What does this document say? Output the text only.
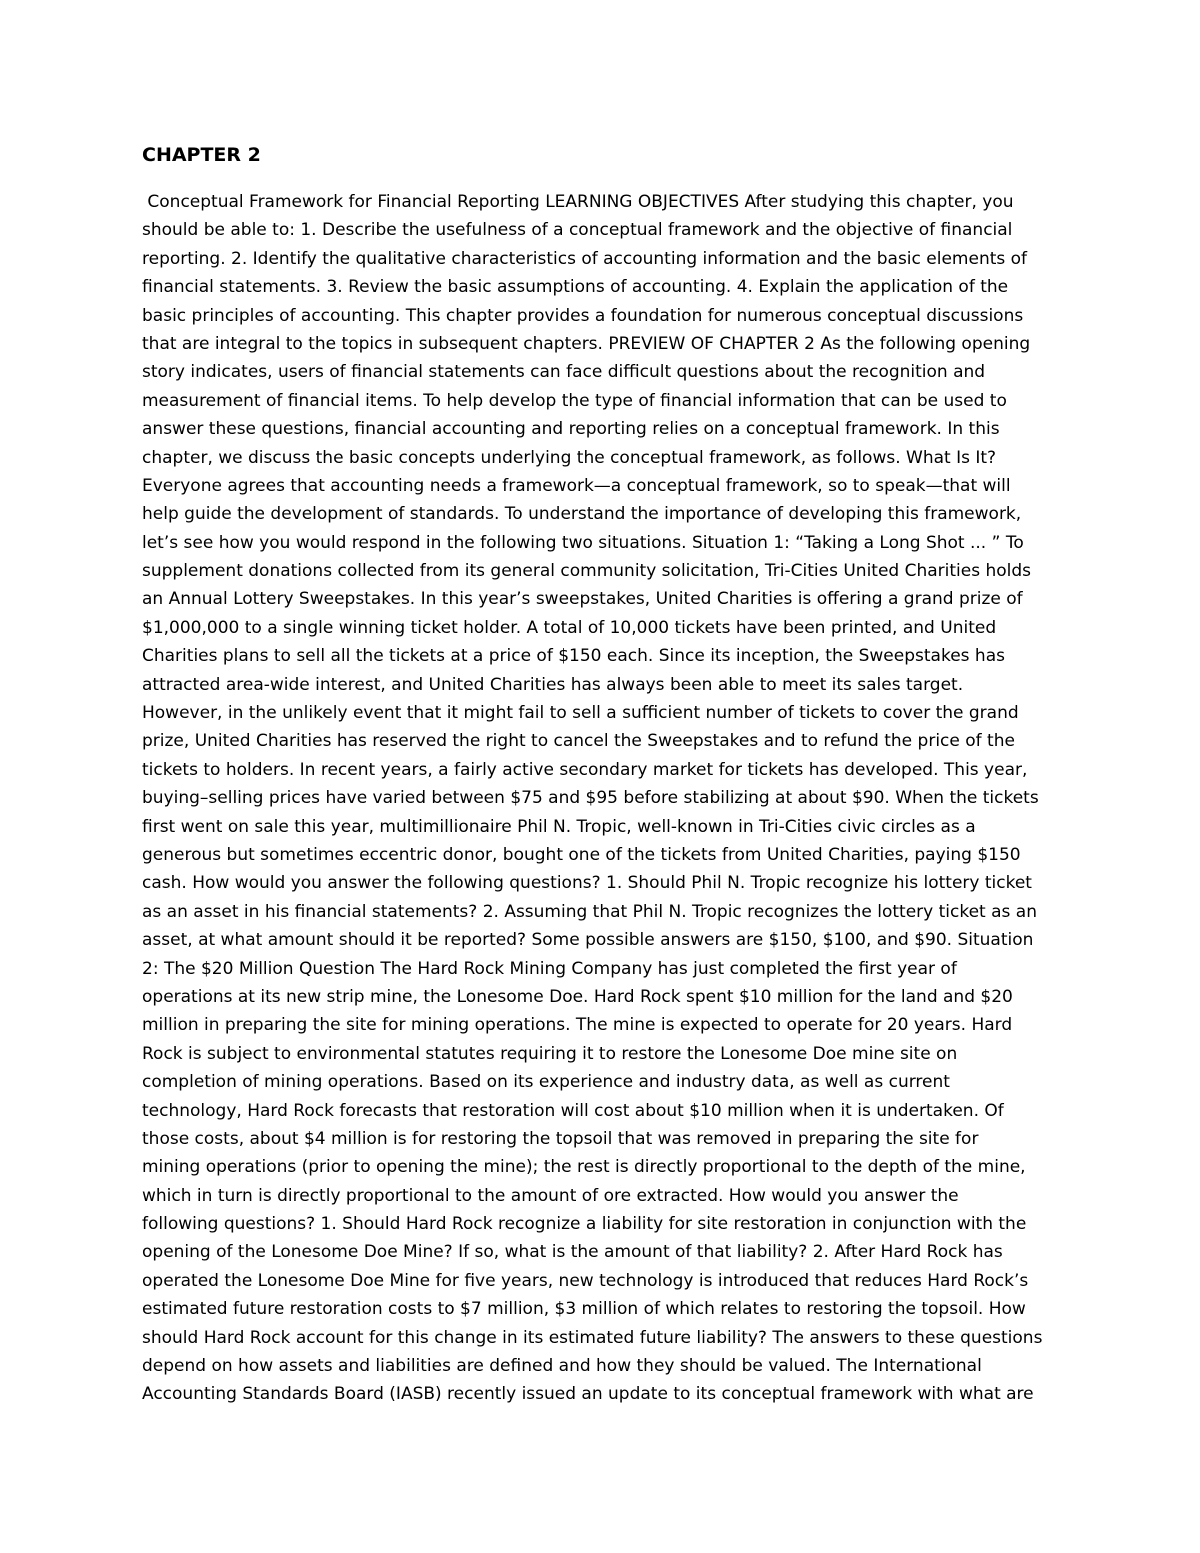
CHAPTER 2
Conceptual Framework for Financial Reporting LEARNING OBJECTIVES After studying this chapter, you
should be able to: 1. Describe the usefulness of a conceptual framework and the objective of financial
reporting. 2. Identify the qualitative characteristics of accounting information and the basic elements of
financial statements. 3. Review the basic assumptions of accounting. 4. Explain the application of the
basic principles of accounting. This chapter provides a foundation for numerous conceptual discussions
that are integral to the topics in subsequent chapters. PREVIEW OF CHAPTER 2 As the following opening
story indicates, users of financial statements can face difficult questions about the recognition and
measurement of financial items. To help develop the type of financial information that can be used to
answer these questions, financial accounting and reporting relies on a conceptual framework. In this
chapter, we discuss the basic concepts underlying the conceptual framework, as follows. What Is It?
Everyone agrees that accounting needs a framework—a conceptual framework, so to speak—that will
help guide the development of standards. To understand the importance of developing this framework,
let’s see how you would respond in the following two situations. Situation 1: “Taking a Long Shot ... ” To
supplement donations collected from its general community solicitation, Tri-Cities United Charities holds
an Annual Lottery Sweepstakes. In this year’s sweepstakes, United Charities is offering a grand prize of
$1,000,000 to a single winning ticket holder. A total of 10,000 tickets have been printed, and United
Charities plans to sell all the tickets at a price of $150 each. Since its inception, the Sweepstakes has
attracted area-wide interest, and United Charities has always been able to meet its sales target.
However, in the unlikely event that it might fail to sell a sufficient number of tickets to cover the grand
prize, United Charities has reserved the right to cancel the Sweepstakes and to refund the price of the
tickets to holders. In recent years, a fairly active secondary market for tickets has developed. This year,
buying–selling prices have varied between $75 and $95 before stabilizing at about $90. When the tickets
first went on sale this year, multimillionaire Phil N. Tropic, well-known in Tri-Cities civic circles as a
generous but sometimes eccentric donor, bought one of the tickets from United Charities, paying $150
cash. How would you answer the following questions? 1. Should Phil N. Tropic recognize his lottery ticket
as an asset in his financial statements? 2. Assuming that Phil N. Tropic recognizes the lottery ticket as an
asset, at what amount should it be reported? Some possible answers are $150, $100, and $90. Situation
2: The $20 Million Question The Hard Rock Mining Company has just completed the first year of
operations at its new strip mine, the Lonesome Doe. Hard Rock spent $10 million for the land and $20
million in preparing the site for mining operations. The mine is expected to operate for 20 years. Hard
Rock is subject to environmental statutes requiring it to restore the Lonesome Doe mine site on
completion of mining operations. Based on its experience and industry data, as well as current
technology, Hard Rock forecasts that restoration will cost about $10 million when it is undertaken. Of
those costs, about $4 million is for restoring the topsoil that was removed in preparing the site for
mining operations (prior to opening the mine); the rest is directly proportional to the depth of the mine,
which in turn is directly proportional to the amount of ore extracted. How would you answer the
following questions? 1. Should Hard Rock recognize a liability for site restoration in conjunction with the
opening of the Lonesome Doe Mine? If so, what is the amount of that liability? 2. After Hard Rock has
operated the Lonesome Doe Mine for five years, new technology is introduced that reduces Hard Rock’s
estimated future restoration costs to $7 million, $3 million of which relates to restoring the topsoil. How
should Hard Rock account for this change in its estimated future liability? The answers to these questions
depend on how assets and liabilities are defined and how they should be valued. The International
Accounting Standards Board (IASB) recently issued an update to its conceptual framework with what are
